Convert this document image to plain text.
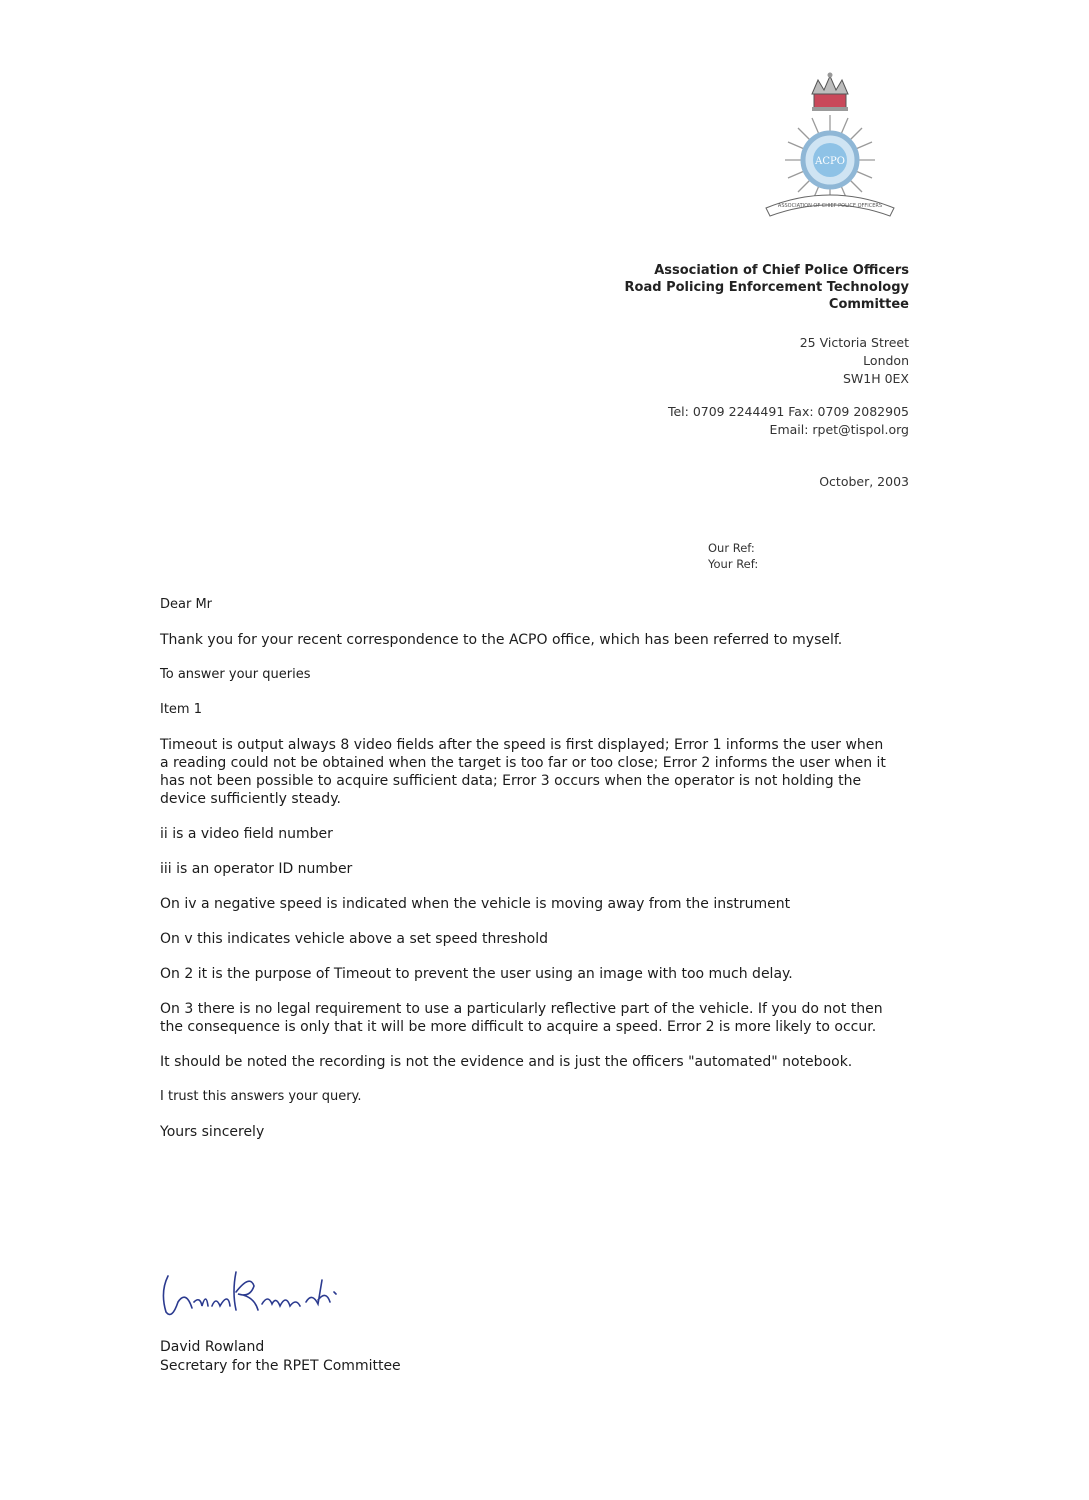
ACPO
ASSOCIATION OF CHIEF POLICE OFFICERS
Association of Chief Police Officers
Road Policing Enforcement Technology
Committee
25 Victoria Street
London
SW1H 0EX
Tel: 0709 2244491 Fax: 0709 2082905
Email: rpet@tispol.org
October, 2003
Our Ref:
Your Ref:

Dear Mr

Thank you for your recent correspondence to the ACPO office, which has been referred to myself.

To answer your queries

Item 1

Timeout is output always 8 video fields after the speed is first displayed; Error 1 informs the user when a reading could not be obtained when the target is too far or too close; Error 2 informs the user when it has not been possible to acquire sufficient data; Error 3 occurs when the operator is not holding the device sufficiently steady.

ii is a video field number

iii is an operator ID number

On iv a negative speed is indicated when the vehicle is moving away from the instrument

On v this indicates vehicle above a set speed threshold

On 2 it is the purpose of Timeout to prevent the user using an image with too much delay.

On 3 there is no legal requirement to use a particularly reflective part of the vehicle. If you do not then the consequence is only that it will be more difficult to acquire a speed. Error 2 is more likely to occur.

It should be noted the recording is not the evidence and is just the officers "automated" notebook.

I trust this answers your query.

Yours sincerely

David Rowland
Secretary for the RPET Committee
